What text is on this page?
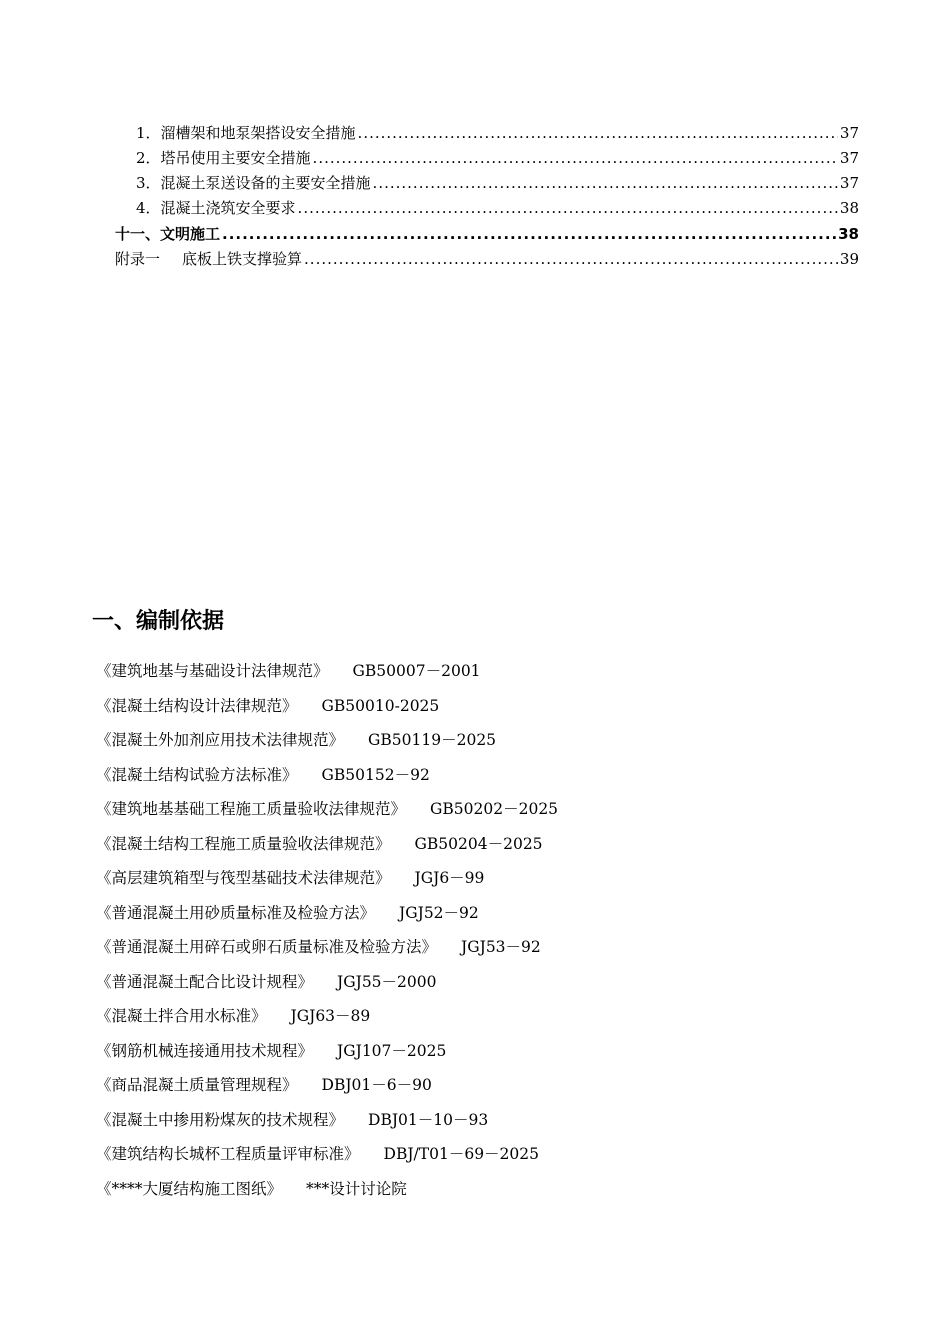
1．溜槽架和地泵架搭设安全措施 .....	37
2．塔吊使用主要安全措施 .....	37
3．混凝土泵送设备的主要安全措施 .....	37
4．混凝土浇筑安全要求 .....	38
十一、文明施工 .....	38
附录一 底板上铁支撑验算 .....	39
一、编制依据
《建筑地基与基础设计法律规范》 GB50007－2001
《混凝土结构设计法律规范》 GB50010-2025
《混凝土外加剂应用技术法律规范》 GB50119－2025
《混凝土结构试验方法标准》 GB50152－92
《建筑地基基础工程施工质量验收法律规范》 GB50202－2025
《混凝土结构工程施工质量验收法律规范》 GB50204－2025
《高层建筑箱型与筏型基础技术法律规范》 JGJ6－99
《普通混凝土用砂质量标准及检验方法》 JGJ52－92
《普通混凝土用碎石或卵石质量标准及检验方法》 JGJ53－92
《普通混凝土配合比设计规程》 JGJ55－2000
《混凝土拌合用水标准》 JGJ63－89
《钢筋机械连接通用技术规程》 JGJ107－2025
《商品混凝土质量管理规程》 DBJ01－6－90
《混凝土中掺用粉煤灰的技术规程》 DBJ01－10－93
《建筑结构长城杯工程质量评审标准》 DBJ/T01－69－2025
《****大厦结构施工图纸》 ***设计讨论院
